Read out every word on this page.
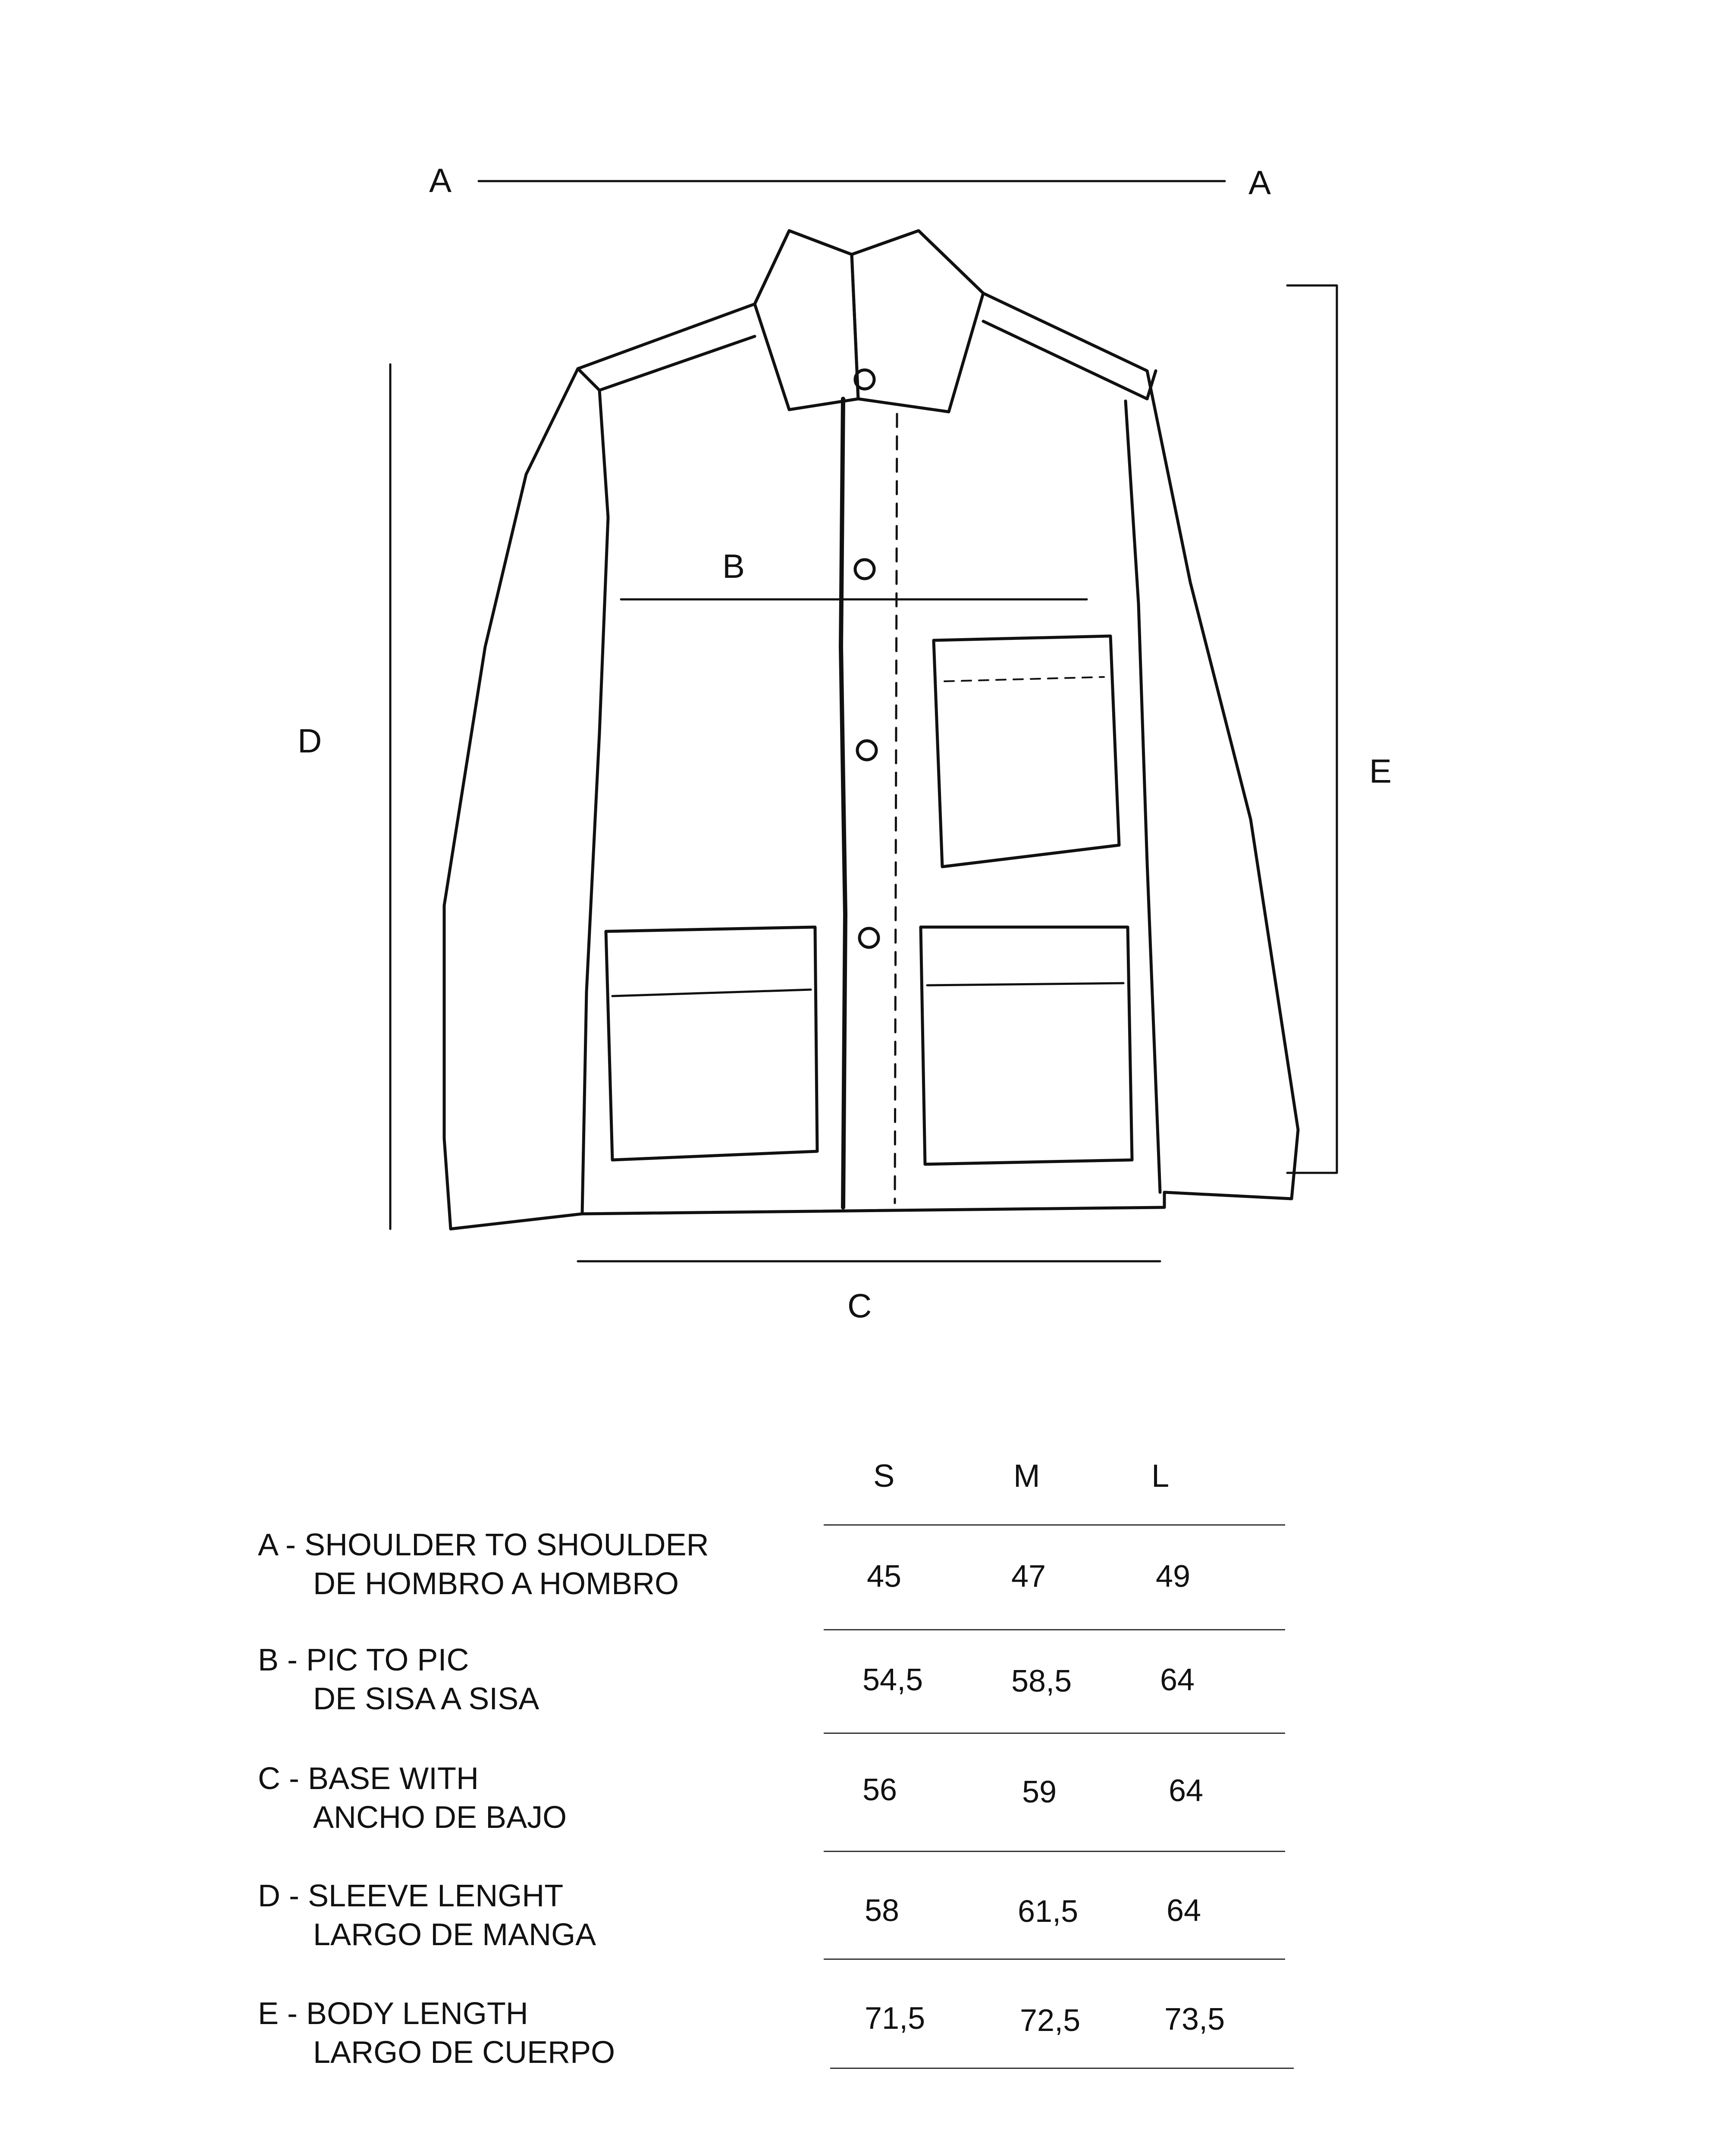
A	A
B
C
D
E
S	M	L
A - SHOULDER TO SHOULDER
DE HOMBRO A HOMBRO	45	47	49
B - PIC TO PIC
DE SISA A SISA
54,5	58,5	64
C - BASE WITH
ANCHO DE BAJO
56	59	64
D - SLEEVE LENGHT
LARGO DE MANGA
58	61,5	64
E - BODY LENGTH
LARGO DE CUERPO
71,5	72,5	73,5
